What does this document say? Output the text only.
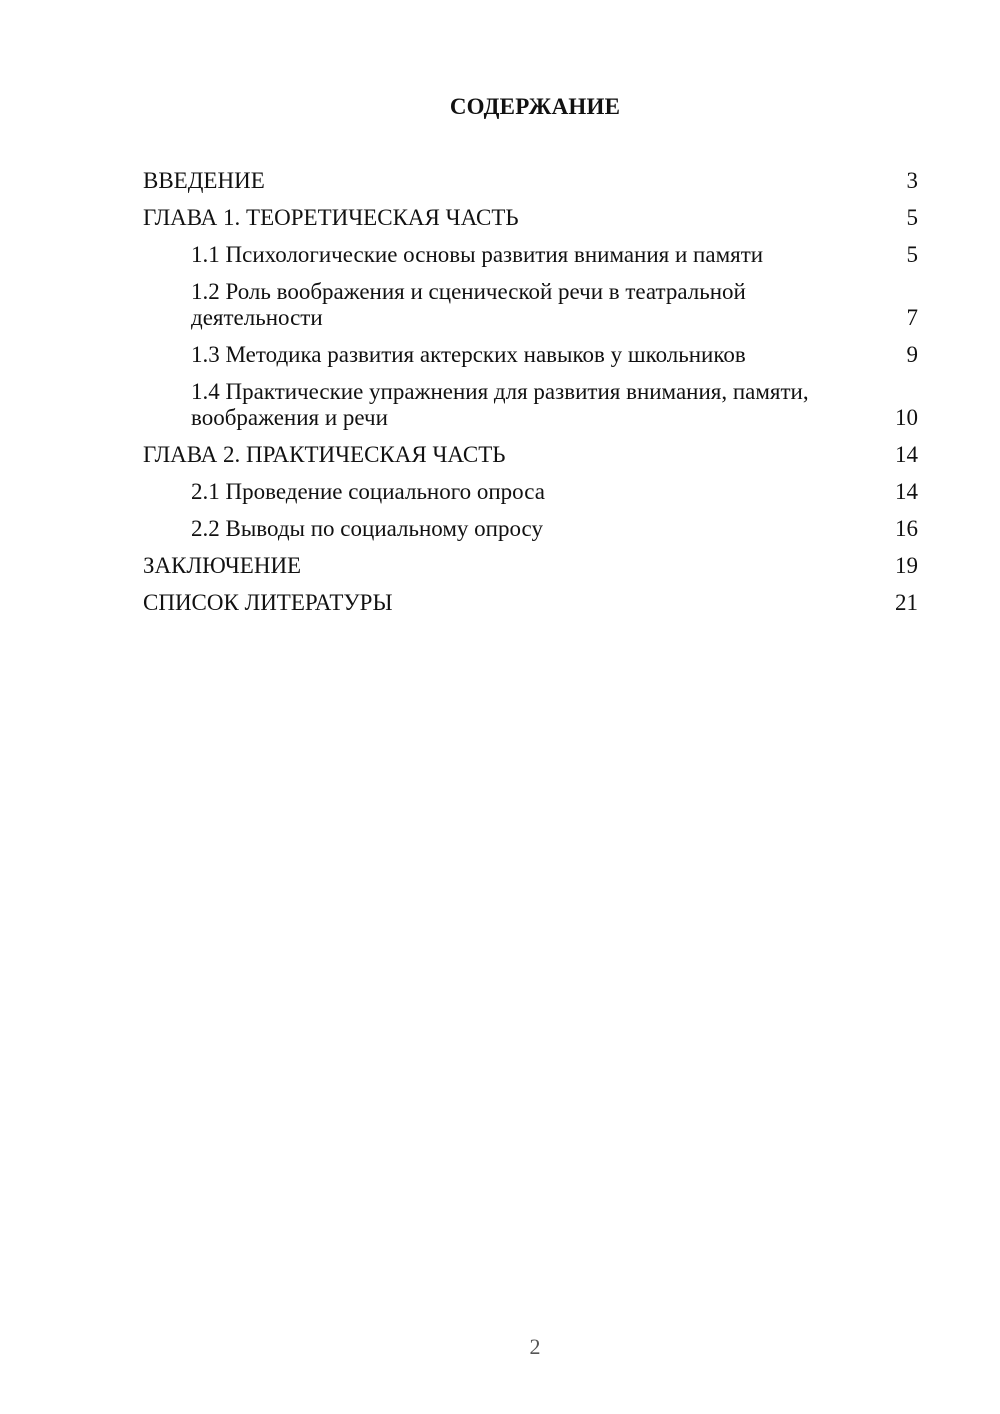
СОДЕРЖАНИЕ
ВВЕДЕНИЕ	3
ГЛАВА 1. ТЕОРЕТИЧЕСКАЯ ЧАСТЬ	5
1.1 Психологические основы развития внимания и памяти	5
1.2 Роль воображения и сценической речи в театральной деятельности	7
1.3 Методика развития актерских навыков у школьников	9
1.4 Практические упражнения для развития внимания, памяти, воображения и речи	10
ГЛАВА 2. ПРАКТИЧЕСКАЯ ЧАСТЬ	14
2.1 Проведение социального опроса	14
2.2 Выводы по социальному опросу	16
ЗАКЛЮЧЕНИЕ	19
СПИСОК ЛИТЕРАТУРЫ	21
2
